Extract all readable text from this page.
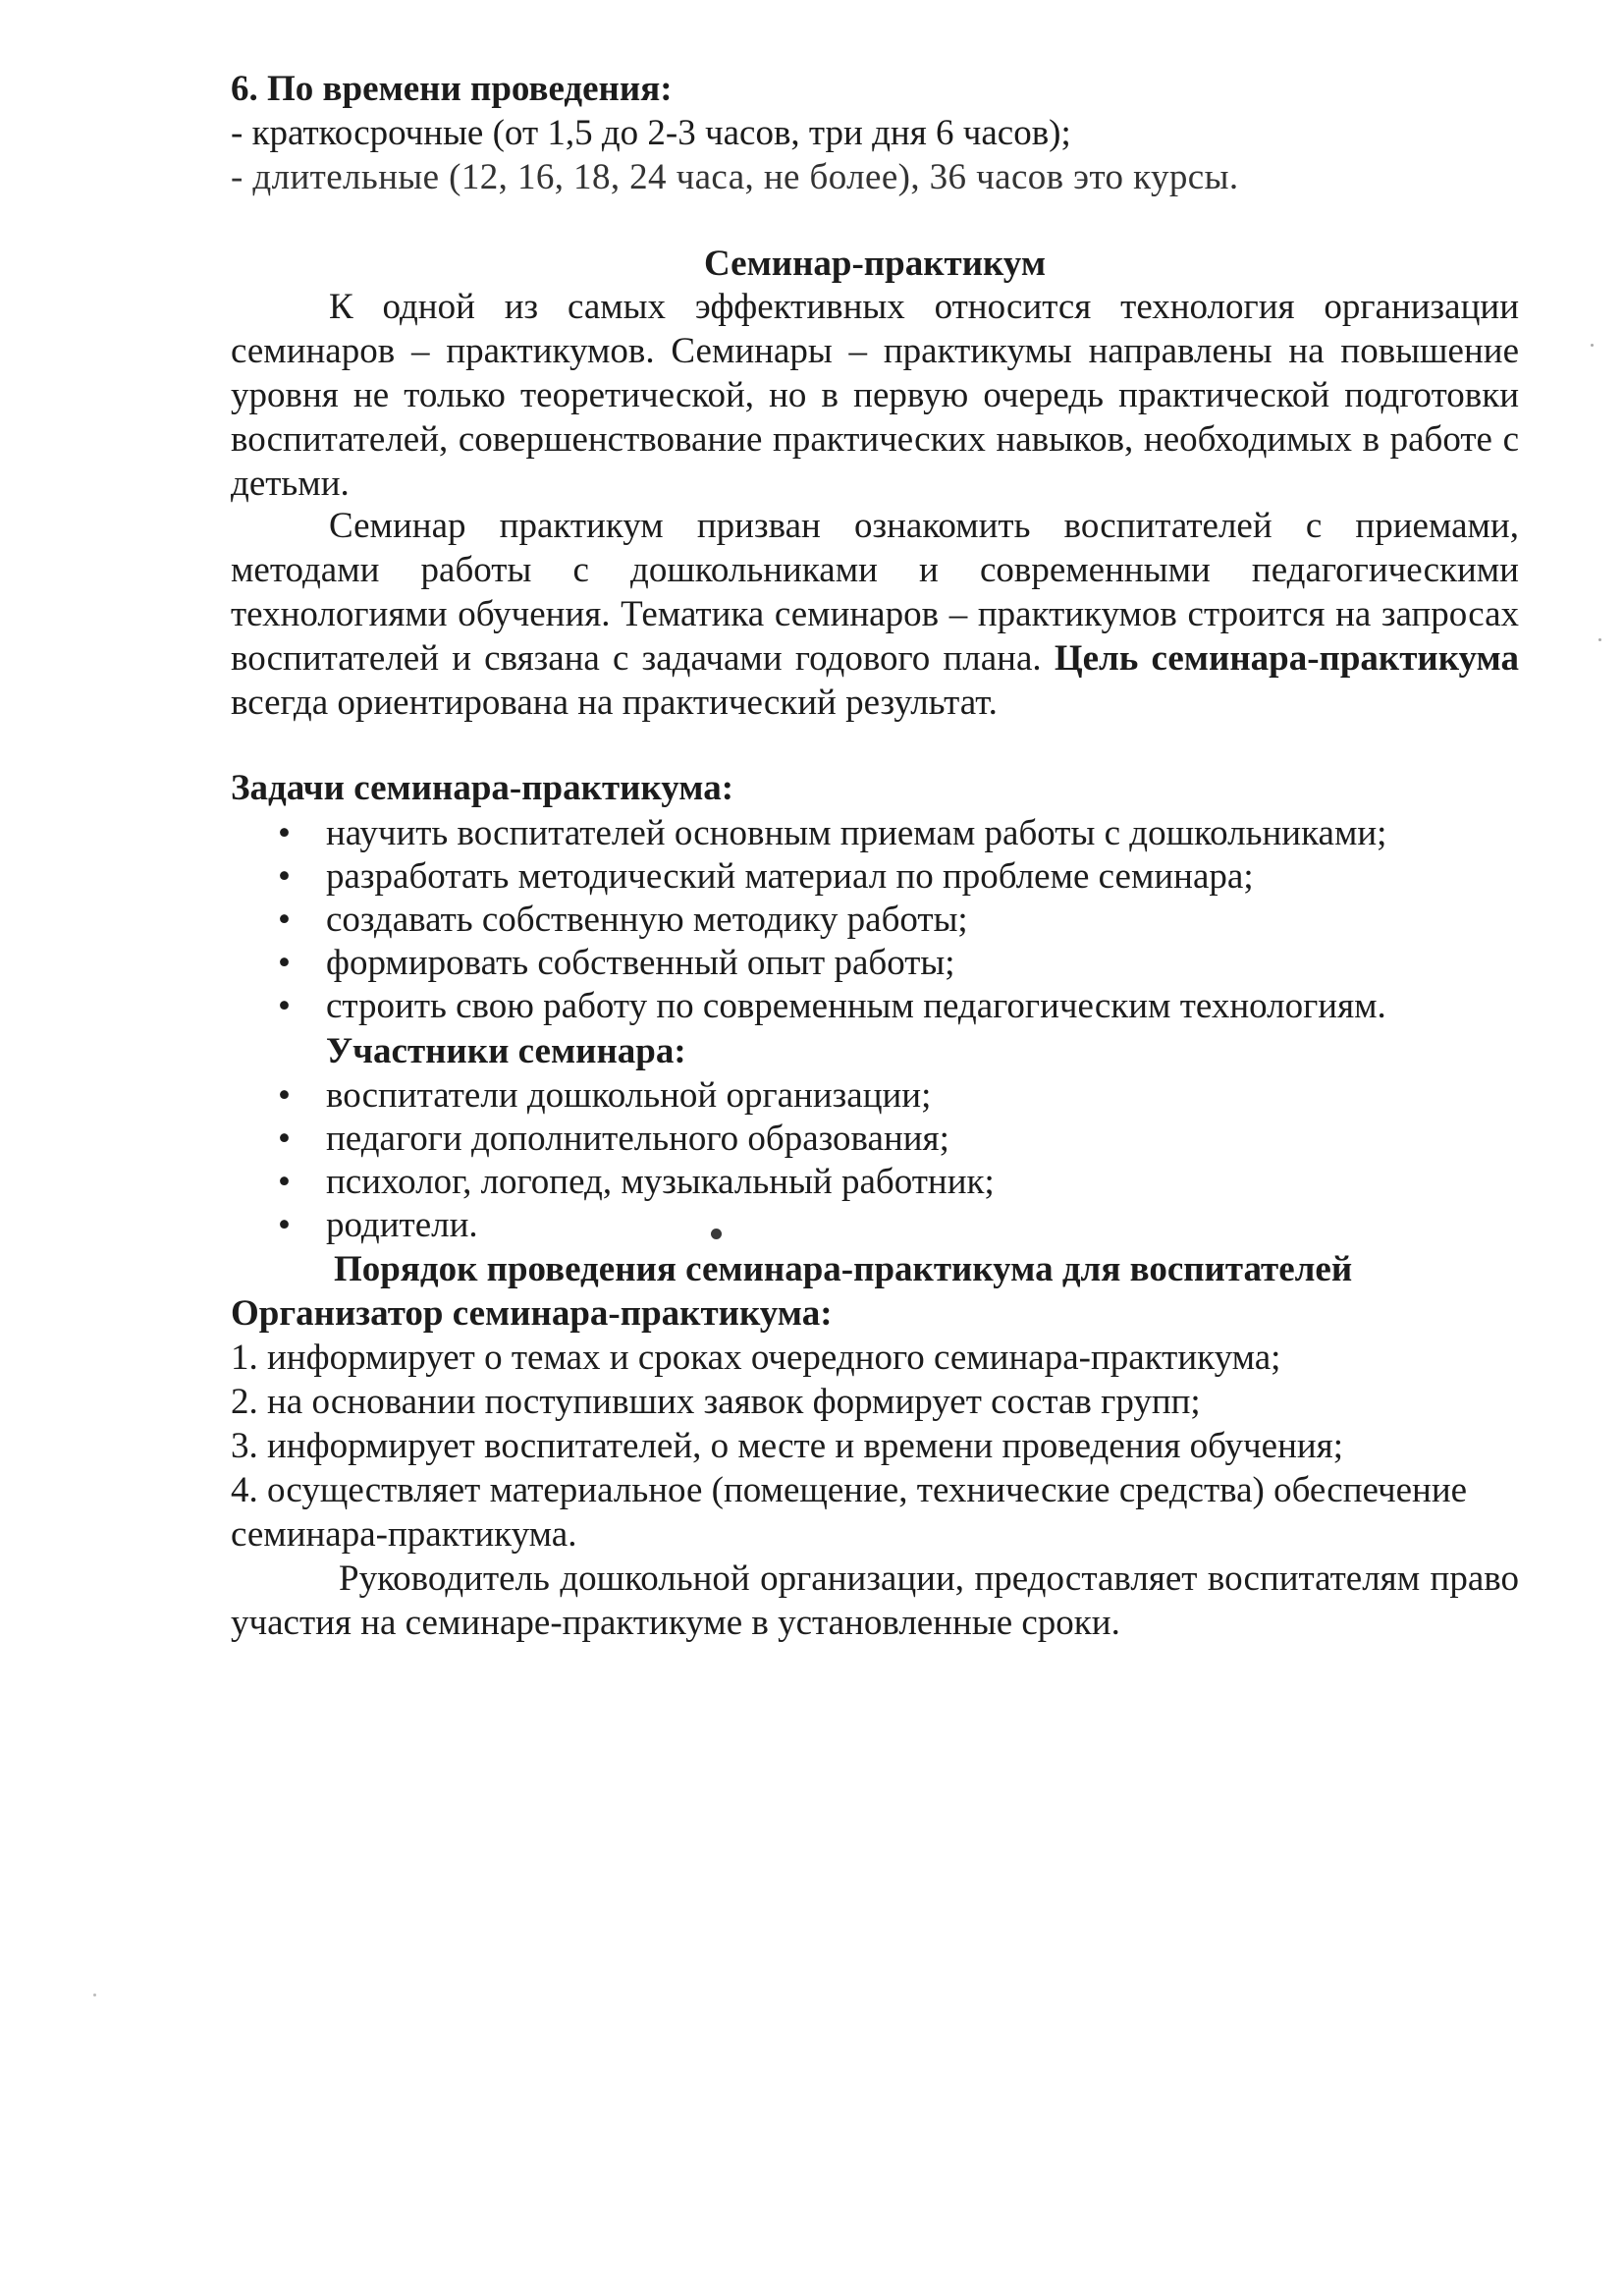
6. По времени проведения:
- краткосрочные (от 1,5 до 2-3 часов, три дня 6 часов);
- длительные (12, 16, 18, 24 часа, не более), 36 часов это курсы.
Семинар-практикум

К одной из самых эффективных относится технология организации семинаров – практикумов. Семинары – практикумы направлены на повышение уровня не только теоретической, но в первую очередь практической подготовки воспитателей, совершенствование практических навыков, необходимых в работе с детьми.

Семинар практикум призван ознакомить воспитателей с приемами, методами работы с дошкольниками и современными педагогическими технологиями обучения. Тематика семинаров – практикумов строится на запросах воспитателей и связана с задачами годового плана. Цель семинара-практикума всегда ориентирована на практический результат.

Задачи семинара-практикума:
• научить воспитателей основным приемам работы с дошкольниками;
• разработать методический материал по проблеме семинара;
• создавать собственную методику работы;
• формировать собственный опыт работы;
• строить свою работу по современным педагогическим технологиям.
Участники семинара:
• воспитатели дошкольной организации;
• педагоги дополнительного образования;
• психолог, логопед, музыкальный работник;
• родители.
Порядок проведения семинара-практикума для воспитателей
Организатор семинара-практикума:
1. информирует о темах и сроках очередного семинара-практикума;
2. на основании поступивших заявок формирует состав групп;
3. информирует воспитателей, о месте и времени проведения обучения;
4. осуществляет материальное (помещение, технические средства) обеспечение семинара-практикума.

Руководитель дошкольной организации, предоставляет воспитателям право участия на семинаре-практикуме в установленные сроки.
